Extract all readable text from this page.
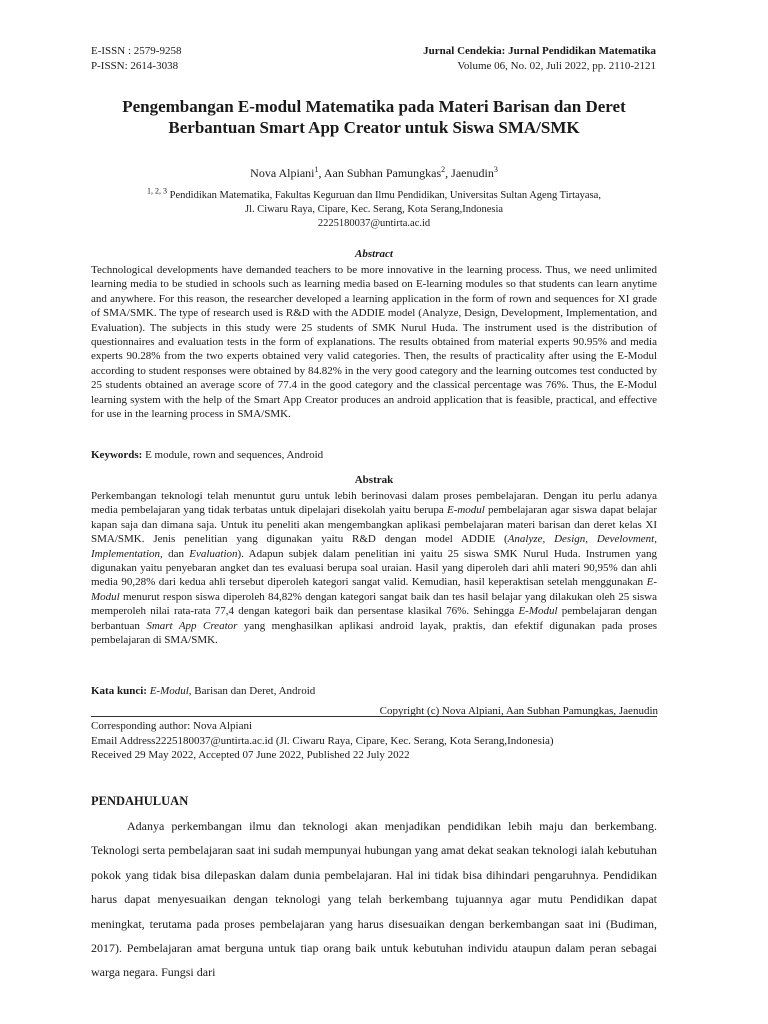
E-ISSN : 2579-9258
P-ISSN: 2614-3038
Jurnal Cendekia: Jurnal Pendidikan Matematika
Volume 06, No. 02, Juli 2022, pp. 2110-2121
Pengembangan E-modul Matematika pada Materi Barisan dan Deret
Berbantuan Smart App Creator untuk Siswa SMA/SMK
Nova Alpiani$^1$, Aan Subhan Pamungkas$^2$, Jaenudin$^3$
$^{1, 2, 3}$ Pendidikan Matematika, Fakultas Keguruan dan Ilmu Pendidikan, Universitas Sultan Ageng Tirtayasa,
Jl. Ciwaru Raya, Cipare, Kec. Serang, Kota Serang,Indonesia
2225180037@untirta.ac.id
Abstract
Technological developments have demanded teachers to be more innovative in the learning process. Thus, we need unlimited learning media to be studied in schools such as learning media based on E-learning modules so that students can learn anytime and anywhere. For this reason, the researcher developed a learning application in the form of rown and sequences for XI grade of SMA/SMK. The type of research used is R&D with the ADDIE model (Analyze, Design, Development, Implementation, and Evaluation). The subjects in this study were 25 students of SMK Nurul Huda. The instrument used is the distribution of questionnaires and evaluation tests in the form of explanations. The results obtained from material experts 90.95% and media experts 90.28% from the two experts obtained very valid categories. Then, the results of practicality after using the E-Modul according to student responses were obtained by 84.82% in the very good category and the learning outcomes test conducted by 25 students obtained an average score of 77.4 in the good category and the classical percentage was 76%. Thus, the E-Modul learning system with the help of the Smart App Creator produces an android application that is feasible, practical, and effective for use in the learning process in SMA/SMK.
Keywords: E module, rown and sequences, Android
Abstrak
Perkembangan teknologi telah menuntut guru untuk lebih berinovasi dalam proses pembelajaran. Dengan itu perlu adanya media pembelajaran yang tidak terbatas untuk dipelajari disekolah yaitu berupa E-modul pembelajaran agar siswa dapat belajar kapan saja dan dimana saja. Untuk itu peneliti akan mengembangkan aplikasi pembelajaran materi barisan dan deret kelas XI SMA/SMK. Jenis penelitian yang digunakan yaitu R&D dengan model ADDIE (Analyze, Design, Develovment, Implementation, dan Evaluation). Adapun subjek dalam penelitian ini yaitu 25 siswa SMK Nurul Huda. Instrumen yang digunakan yaitu penyebaran angket dan tes evaluasi berupa soal uraian. Hasil yang diperoleh dari ahli materi 90,95% dan ahli media 90,28% dari kedua ahli tersebut diperoleh kategori sangat valid. Kemudian, hasil keperaktisan setelah menggunakan E-Modul menurut respon siswa diperoleh 84,82% dengan kategori sangat baik dan tes hasil belajar yang dilakukan oleh 25 siswa memperoleh nilai rata-rata 77,4 dengan kategori baik dan persentase klasikal 76%. Sehingga E-Modul pembelajaran dengan berbantuan Smart App Creator yang menghasilkan aplikasi android layak, praktis, dan efektif digunakan pada proses pembelajaran di SMA/SMK.
Kata kunci: E-Modul, Barisan dan Deret, Android
Copyright (c) Nova Alpiani, Aan Subhan Pamungkas, Jaenudin
Corresponding author: Nova Alpiani
Email Address2225180037@untirta.ac.id (Jl. Ciwaru Raya, Cipare, Kec. Serang, Kota Serang,Indonesia)
Received 29 May 2022, Accepted 07 June 2022, Published 22 July 2022
PENDAHULUAN
Adanya perkembangan ilmu dan teknologi akan menjadikan pendidikan lebih maju dan berkembang. Teknologi serta pembelajaran saat ini sudah mempunyai hubungan yang amat dekat seakan teknologi ialah kebutuhan pokok yang tidak bisa dilepaskan dalam dunia pembelajaran. Hal ini tidak bisa dihindari pengaruhnya. Pendidikan harus dapat menyesuaikan dengan teknologi yang telah berkembang tujuannya agar mutu Pendidikan dapat meningkat, terutama pada proses pembelajaran yang harus disesuaikan dengan berkembangan saat ini (Budiman, 2017). Pembelajaran amat berguna untuk tiap orang baik untuk kebutuhan individu ataupun dalam peran sebagai warga negara. Fungsi dari
